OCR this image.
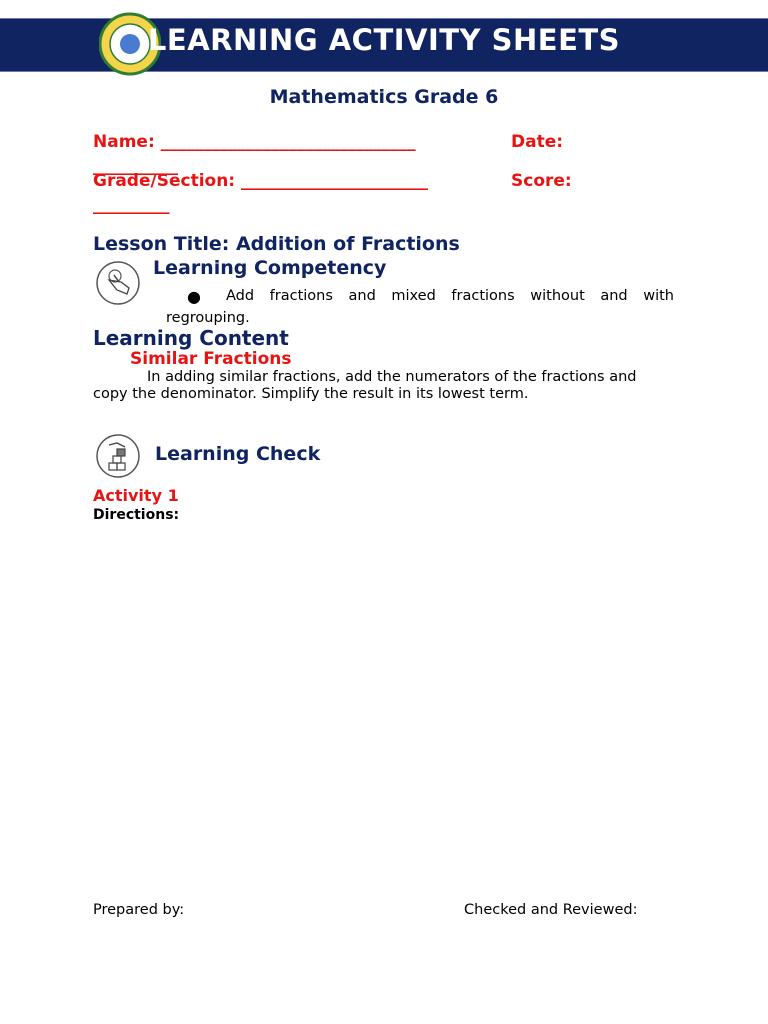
LEARNING ACTIVITY SHEETS
Mathematics Grade 6
Name: ______________________________	Date:
__________
Grade/Section: ______________________	Score:
_________
Lesson Title: Addition of Fractions
Learning Competency
● Add   fractions   and   mixed   fractions   without   and   with
regrouping.
Learning Content
Similar Fractions
In adding similar fractions, add the numerators of the fractions and
copy the denominator. Simplify the result in its lowest term.
Learning Check
Activity 1
Directions:
Prepared by:	Checked and Reviewed:
